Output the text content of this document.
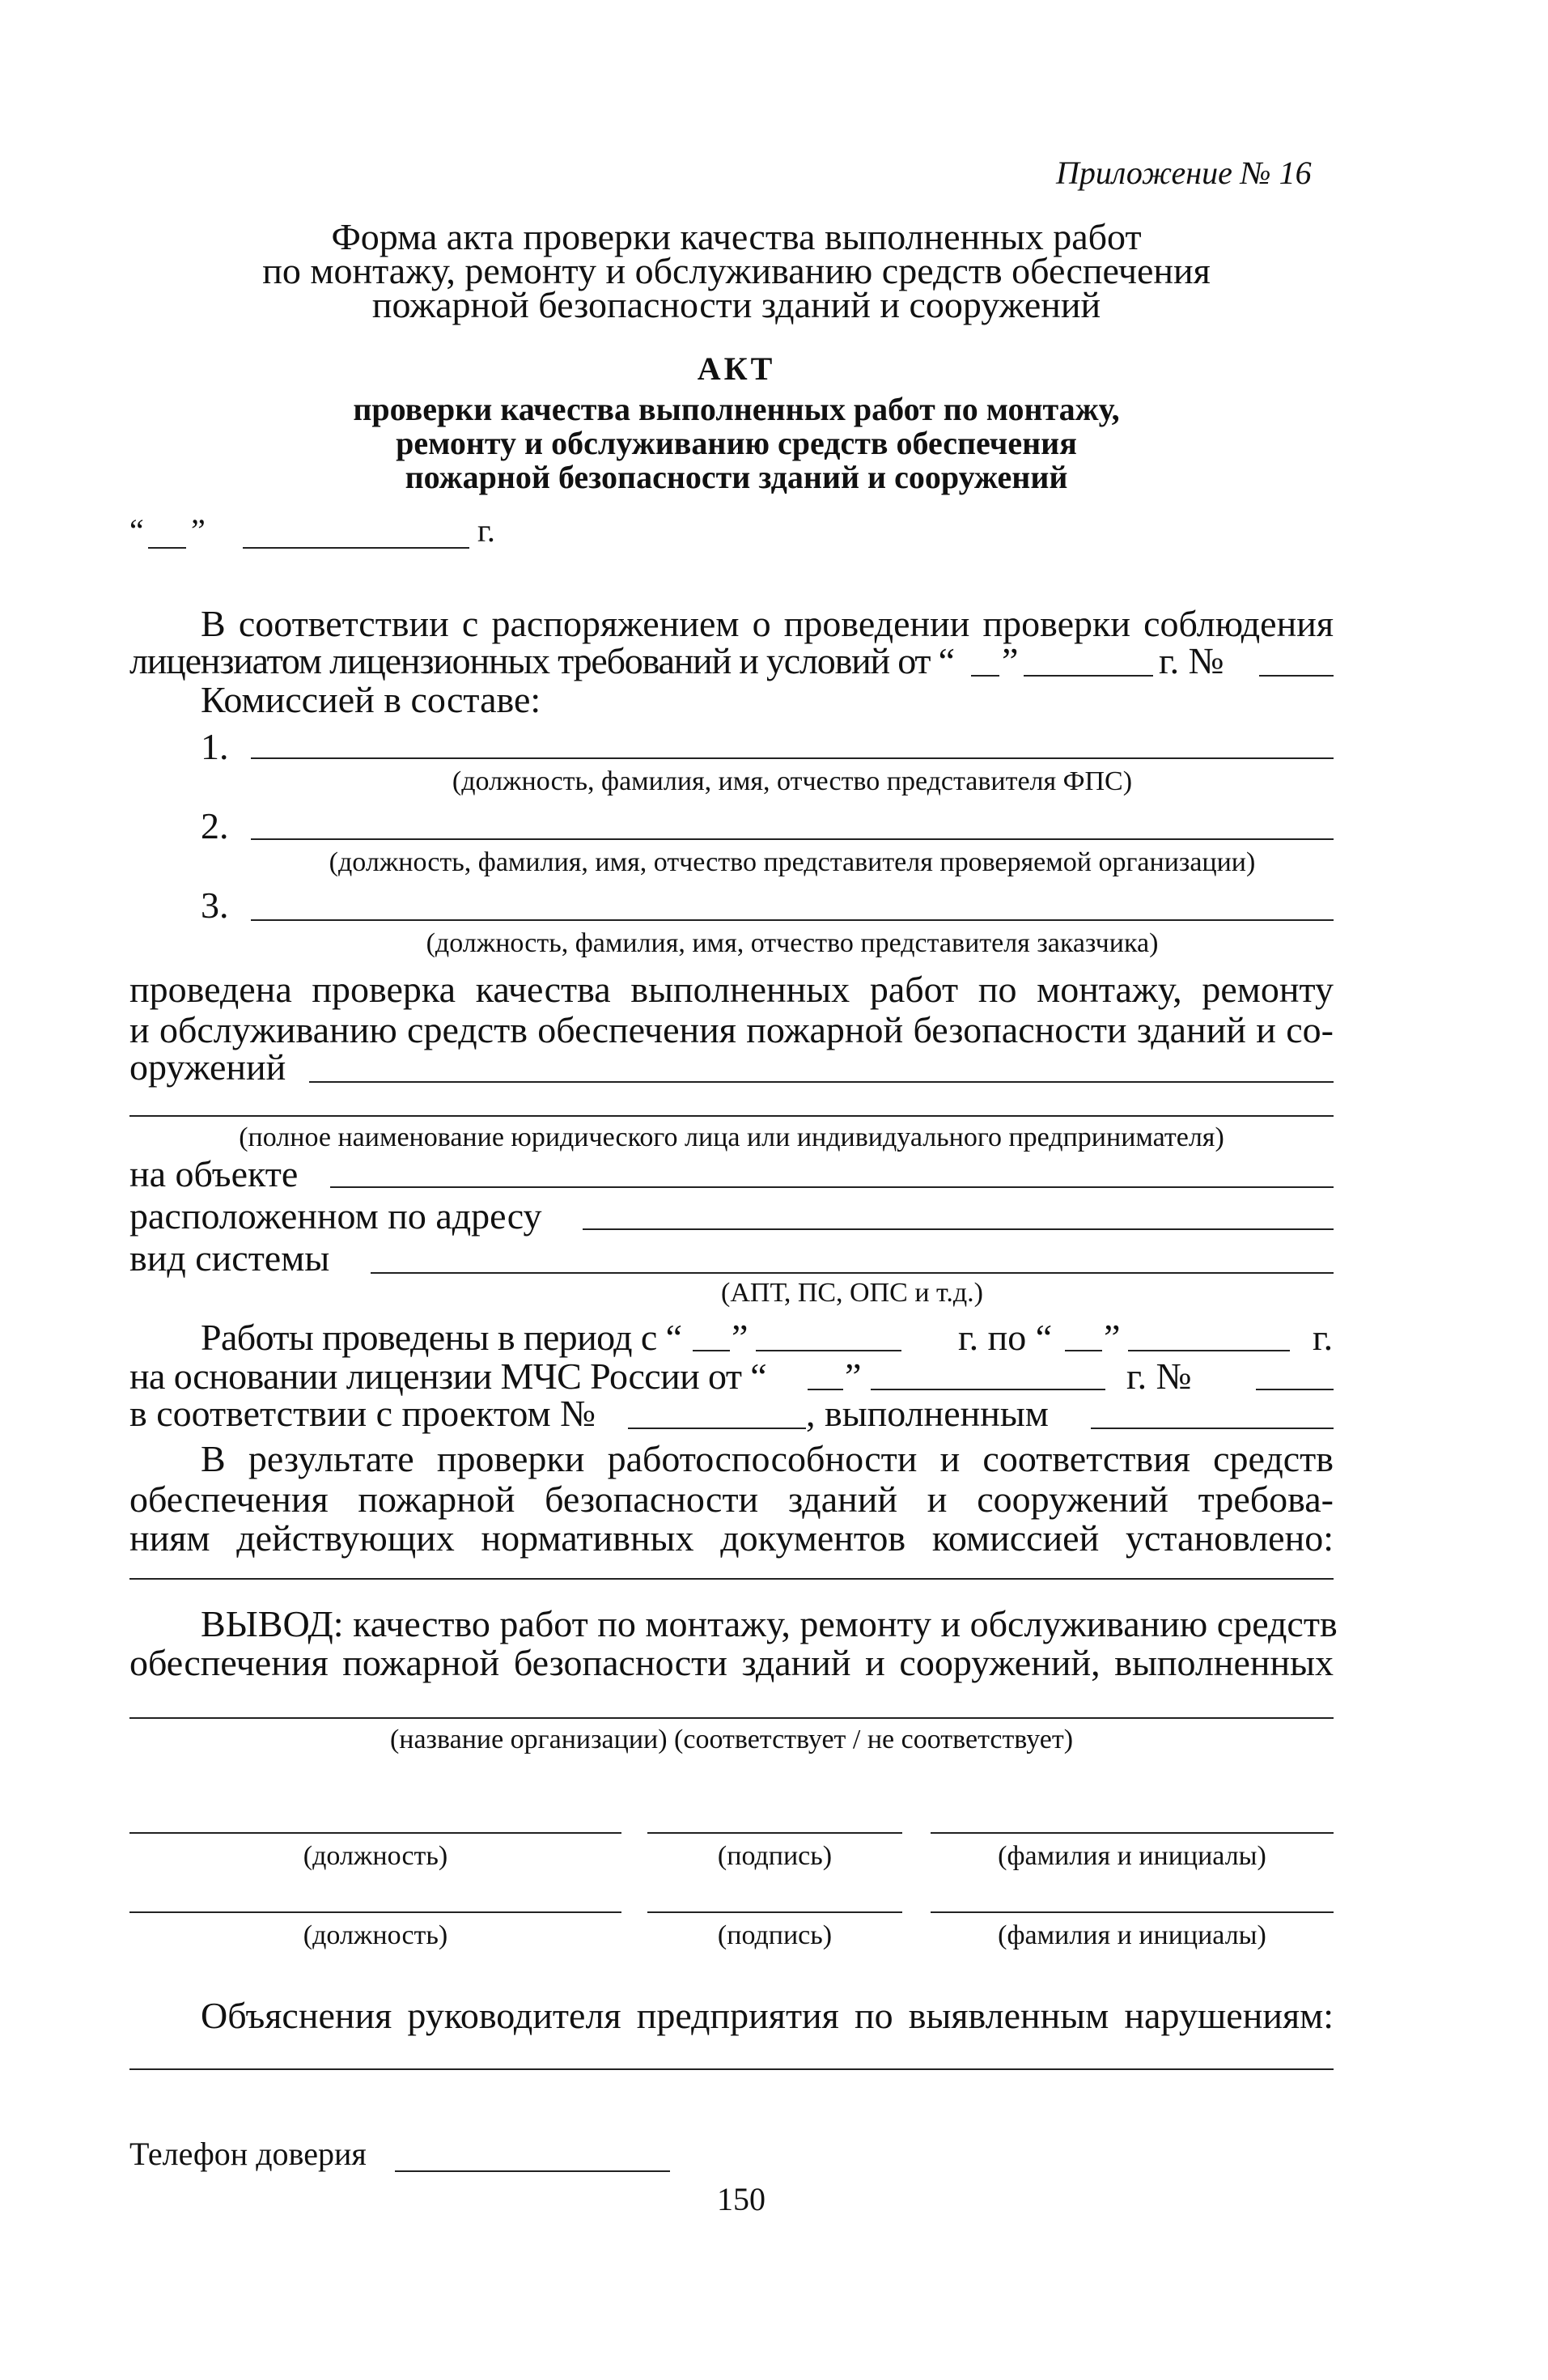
Приложение № 16
Форма акта проверки качества выполненных работ
по монтажу, ремонту и обслуживанию средств обеспечения
пожарной безопасности зданий и сооружений
АКТ
проверки качества выполненных работ по монтажу,
ремонту и обслуживанию средств обеспечения
пожарной безопасности зданий и сооружений
“ ”	г.
В соответствии с распоряжением о проведении проверки соблюдения
лицензиатом лицензионных требований и условий от “ ”	г. №
Комиссией в составе:
1.
(должность, фамилия, имя, отчество представителя ФПС)
2.
(должность, фамилия, имя, отчество представителя проверяемой организации)
3.
(должность, фамилия, имя, отчество представителя заказчика)
проведена проверка качества выполненных работ по монтажу, ремонту
и обслуживанию средств обеспечения пожарной безопасности зданий и со-
оружений
(полное наименование юридического лица или индивидуального предпринимателя)
на объекте
расположенном по адресу
вид системы
(АПТ, ПС, ОПС и т.д.)
Работы проведены в период с “ ”	г. по “ ”	г.
на основании лицензии МЧС России от “ ”	г. №
в соответствии с проектом №	, выполненным
В результате проверки работоспособности и соответствия средств
обеспечения пожарной безопасности зданий и сооружений требова-
ниям действующих нормативных документов комиссией установлено:
ВЫВОД: качество работ по монтажу, ремонту и обслуживанию средств
обеспечения пожарной безопасности зданий и сооружений, выполненных
(название организации) (соответствует / не соответствует)
(должность)	(подпись)	(фамилия и инициалы)
(должность)	(подпись)	(фамилия и инициалы)
Объяснения руководителя предприятия по выявленным нарушениям:
Телефон доверия
150
